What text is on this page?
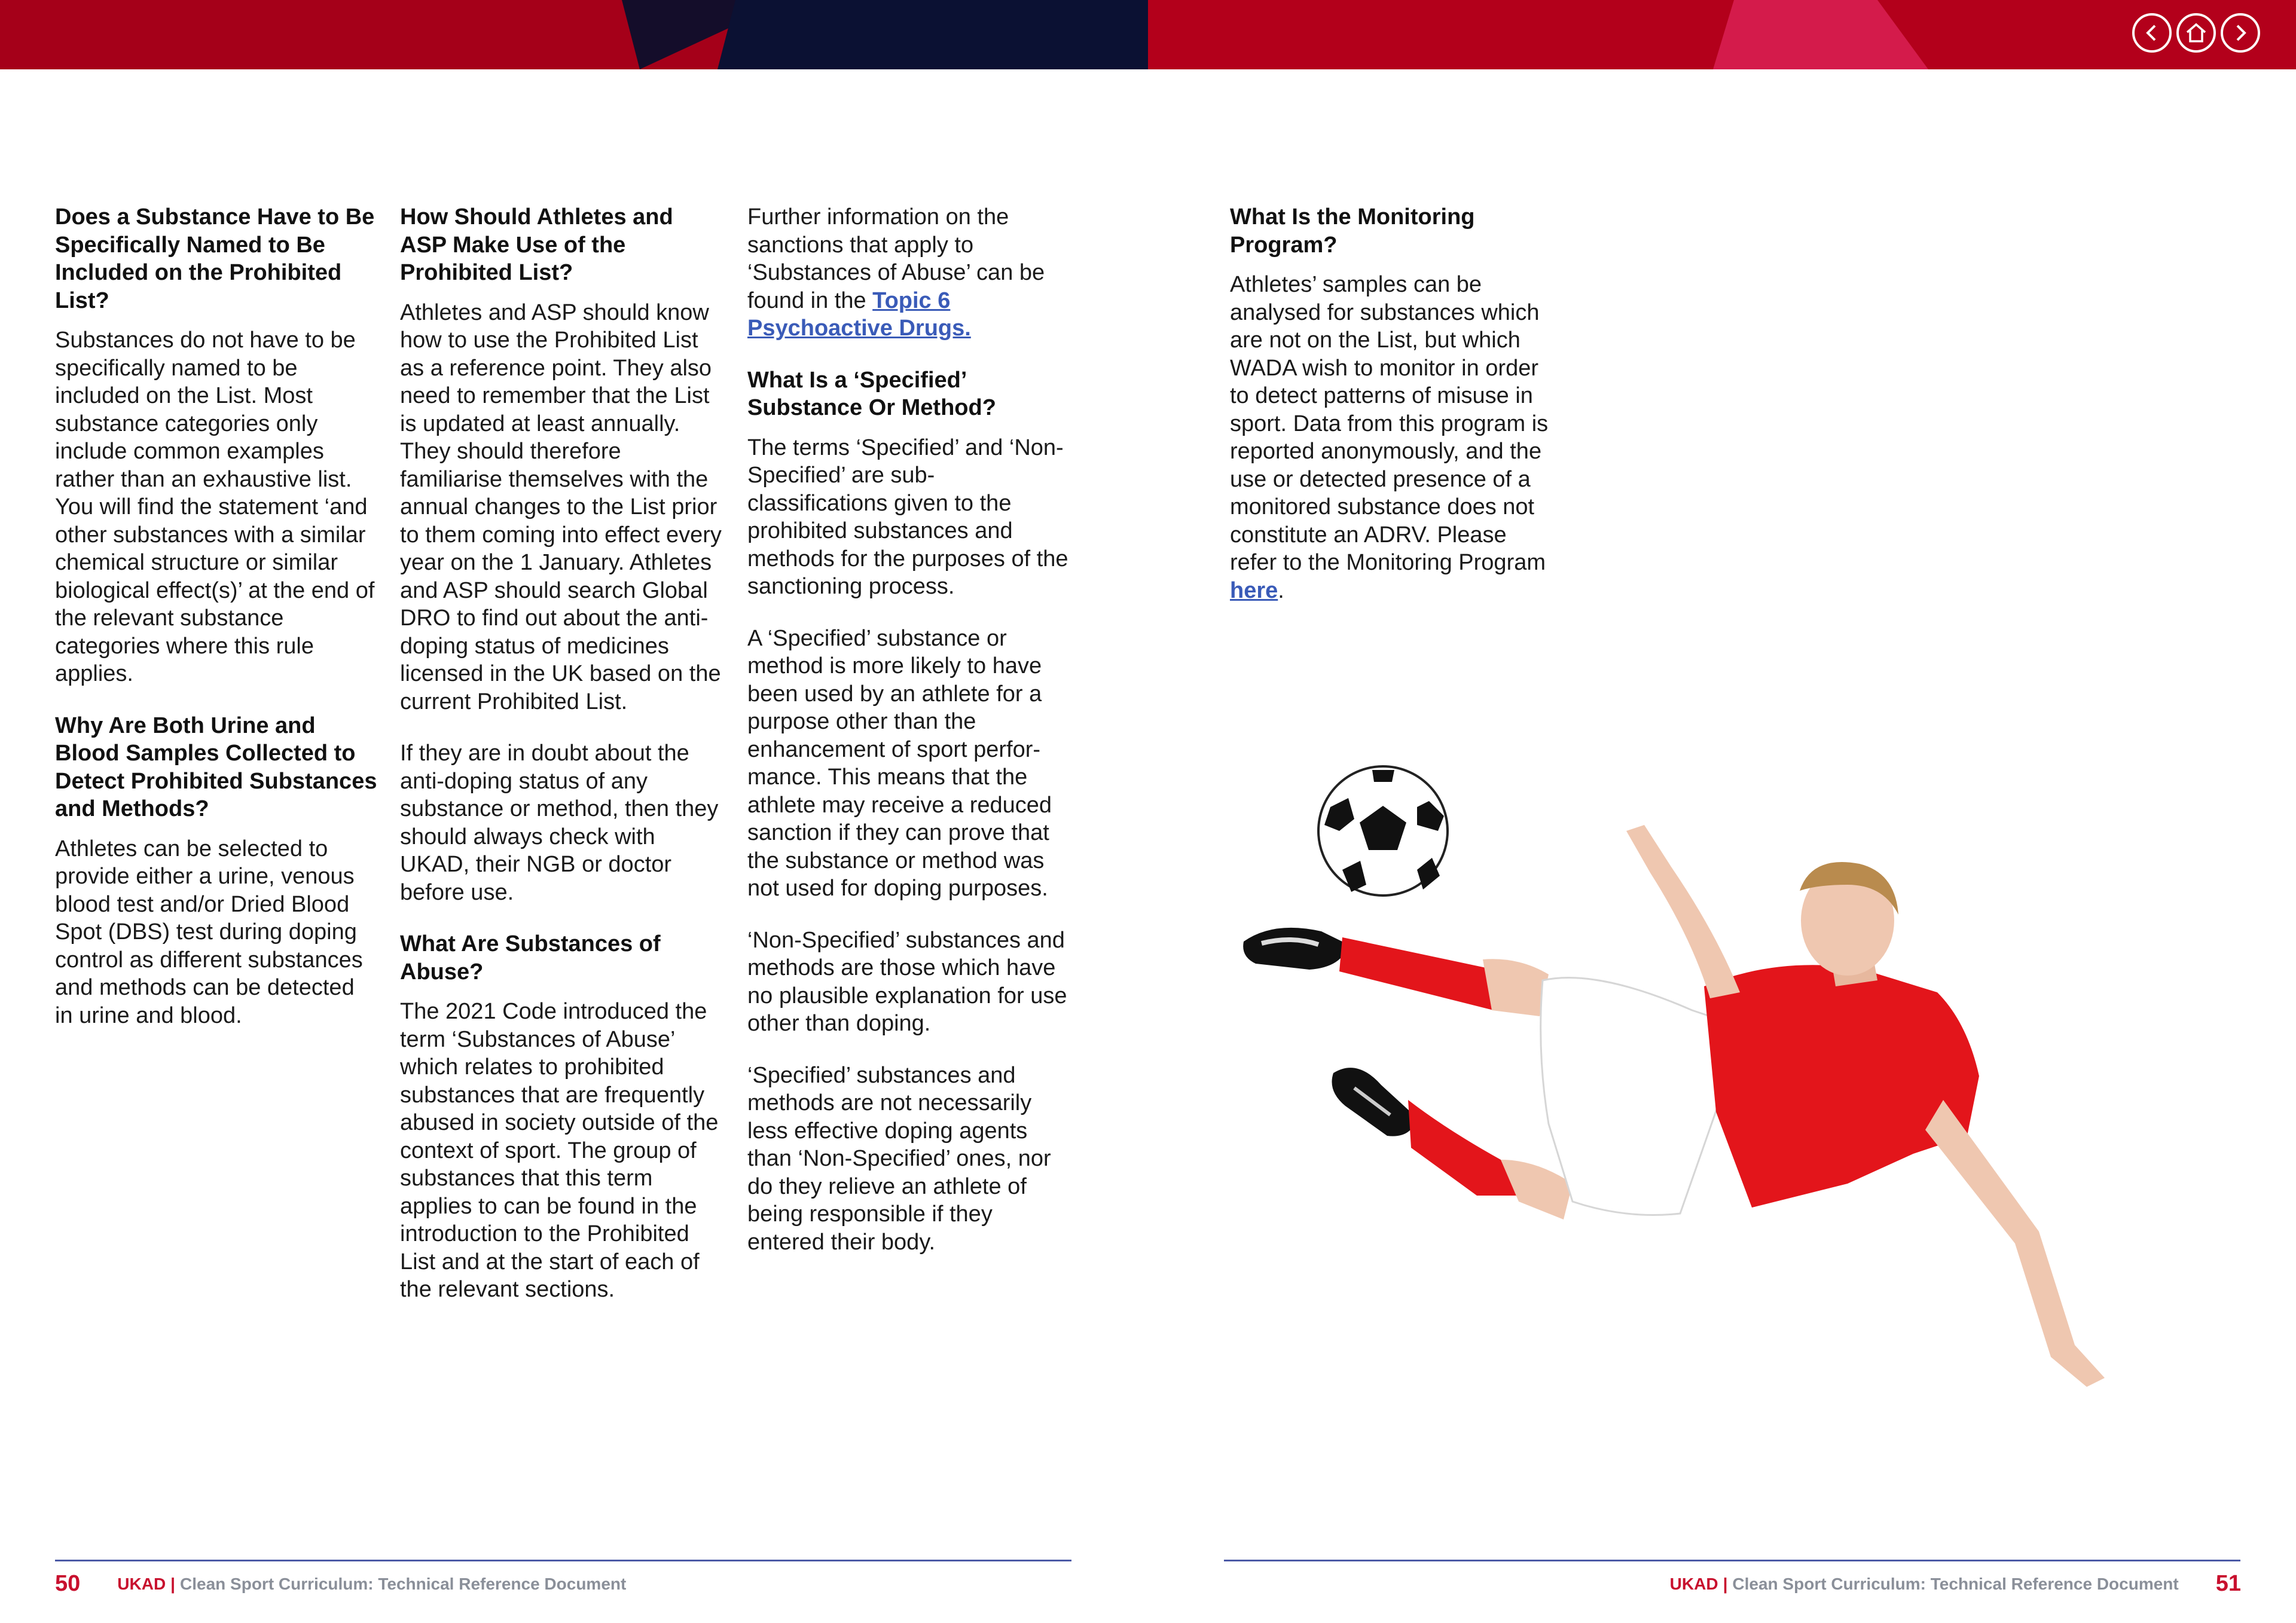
Does a Substance Have to Be Specifically Named to Be Included on the Prohibited List?

Substances do not have to be specifically named to be included on the List. Most substance categories only include common examples rather than an exhaustive list. You will find the statement ‘and other substances with a similar chemical structure or similar biological effect(s)’ at the end of the relevant substance categories where this rule applies.

Why Are Both Urine and Blood Samples Collected to Detect Prohibited Substances and Methods?

Athletes can be selected to provide either a urine, venous blood test and/or Dried Blood Spot (DBS) test during doping control as different substances and methods can be detected in urine and blood.

How Should Athletes and ASP Make Use of the Prohibited List?

Athletes and ASP should know how to use the Prohibited List as a reference point. They also need to remember that the List is updated at least annually. They should therefore familiarise themselves with the annual changes to the List prior to them coming into effect every year on the 1 January. Athletes and ASP should search Global DRO to find out about the anti-doping status of medicines licensed in the UK based on the current Prohibited List.

If they are in doubt about the anti-doping status of any substance or method, then they should always check with UKAD, their NGB or doctor before use.

What Are Substances of Abuse?

The 2021 Code introduced the term ‘Substances of Abuse’ which relates to prohibited substances that are frequently abused in society outside of the context of sport. The group of substances that this term applies to can be found in the introduction to the Prohibited List and at the start of each of the relevant sections.

Further information on the sanctions that apply to ‘Substances of Abuse’ can be found in the Topic 6 Psychoactive Drugs.

What Is a ‘Specified’ Substance Or Method?

The terms ‘Specified’ and ‘Non-Specified’ are sub-classifications given to the prohibited substances and methods for the purposes of the sanctioning process.

A ‘Specified’ substance or method is more likely to have been used by an athlete for a purpose other than the enhancement of sport perfor-mance. This means that the athlete may receive a reduced sanction if they can prove that the substance or method was not used for doping purposes.

‘Non-Specified’ substances and methods are those which have no plausible explanation for use other than doping.

‘Specified’ substances and methods are not necessarily less effective doping agents than ‘Non-Specified’ ones, nor do they relieve an athlete of being responsible if they entered their body.

What Is the Monitoring Program?

Athletes’ samples can be analysed for substances which are not on the List, but which WADA wish to monitor in order to detect patterns of misuse in sport. Data from this program is reported anonymously, and the use or detected presence of a monitored substance does not constitute an ADRV. Please refer to the Monitoring Program here.

50 UKAD | Clean Sport Curriculum: Technical Reference Document	UKAD | Clean Sport Curriculum: Technical Reference Document 51
